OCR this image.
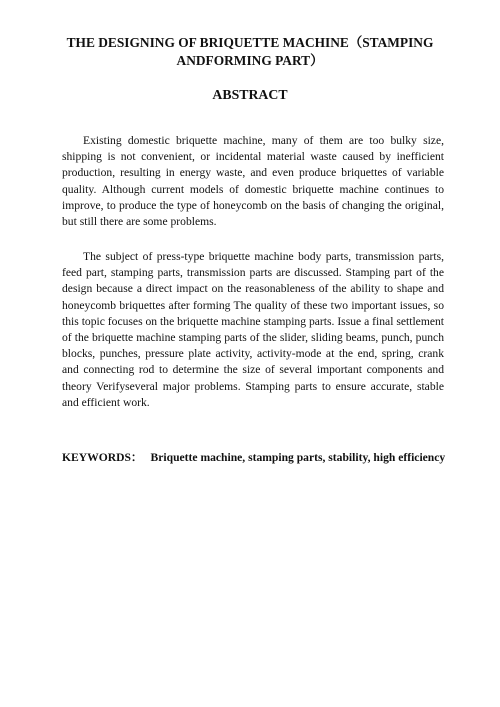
THE DESIGNING OF BRIQUETTE MACHINE（STAMPING
ANDFORMING PART）
ABSTRACT

Existing domestic briquette machine, many of them are too bulky size, shipping is not convenient, or incidental material waste caused by inefficient production, resulting in energy waste, and even produce briquettes of variable quality. Although current models of domestic briquette machine continues to improve, to produce the type of honeycomb on the basis of changing the original, but still there are some problems.

The subject of press-type briquette machine body parts, transmission parts, feed part, stamping parts, transmission parts are discussed. Stamping part of the design because a direct impact on the reasonableness of the ability to shape and honeycomb briquettes after forming The quality of these two important issues, so this topic focuses on the briquette machine stamping parts. Issue a final settlement of the briquette machine stamping parts of the slider, sliding beams, punch, punch blocks, punches, pressure plate activity, activity-mode at the end, spring, crank and connecting rod to determine the size of several important components and theory Verifyseveral major problems. Stamping parts to ensure accurate, stable and efficient work.

KEYWORDS： Briquette machine, stamping parts, stability, high efficiency
